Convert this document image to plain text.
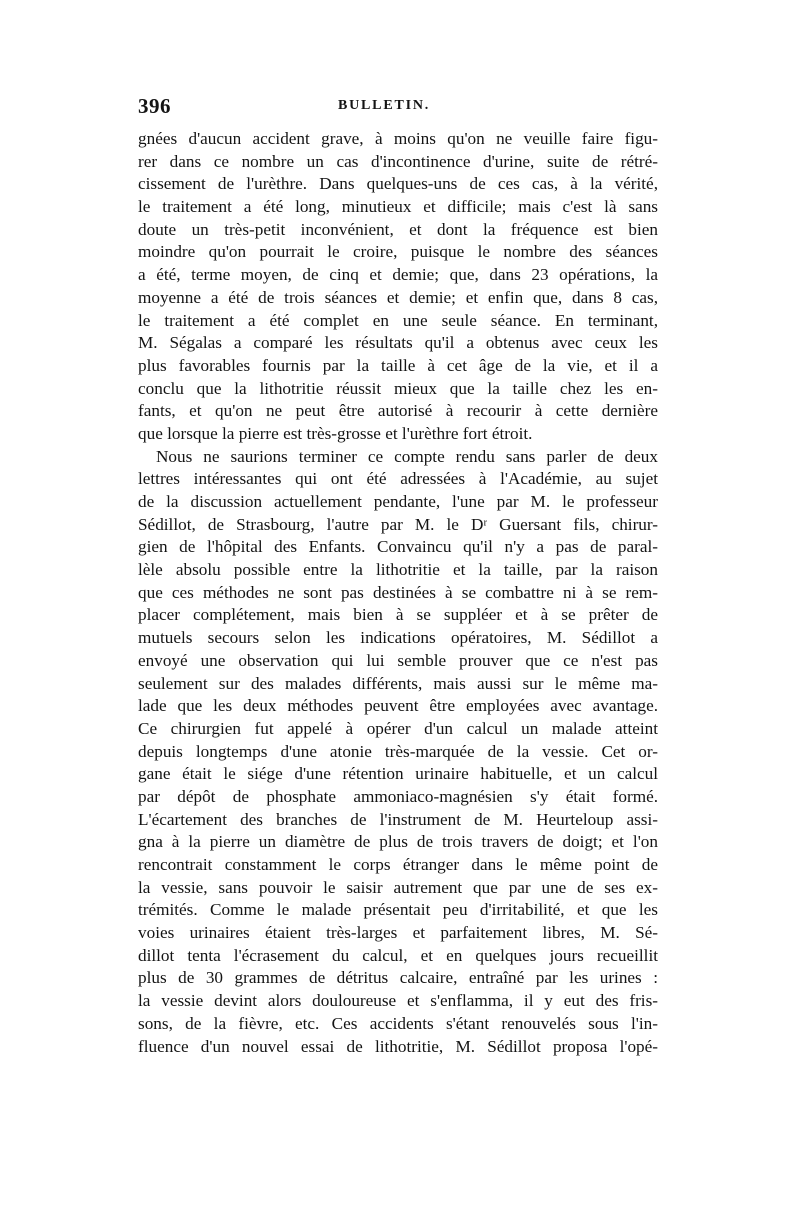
396	BULLETIN.
gnées d'aucun accident grave, à moins qu'on ne veuille faire figu-
rer dans ce nombre un cas d'incontinence d'urine, suite de rétré-
cissement de l'urèthre. Dans quelques-uns de ces cas, à la vérité,
le traitement a été long, minutieux et difficile; mais c'est là sans
doute un très-petit inconvénient, et dont la fréquence est bien
moindre qu'on pourrait le croire, puisque le nombre des séances
a été, terme moyen, de cinq et demie; que, dans 23 opérations, la
moyenne a été de trois séances et demie; et enfin que, dans 8 cas,
le traitement a été complet en une seule séance. En terminant,
M. Ségalas a comparé les résultats qu'il a obtenus avec ceux les
plus favorables fournis par la taille à cet âge de la vie, et il a
conclu que la lithotritie réussit mieux que la taille chez les en-
fants, et qu'on ne peut être autorisé à recourir à cette dernière
que lorsque la pierre est très-grosse et l'urèthre fort étroit.
Nous ne saurions terminer ce compte rendu sans parler de deux
lettres intéressantes qui ont été adressées à l'Académie, au sujet
de la discussion actuellement pendante, l'une par M. le professeur
Sédillot, de Strasbourg, l'autre par M. le Dʳ Guersant fils, chirur-
gien de l'hôpital des Enfants. Convaincu qu'il n'y a pas de paral-
lèle absolu possible entre la lithotritie et la taille, par la raison
que ces méthodes ne sont pas destinées à se combattre ni à se rem-
placer complétement, mais bien à se suppléer et à se prêter de
mutuels secours selon les indications opératoires, M. Sédillot a
envoyé une observation qui lui semble prouver que ce n'est pas
seulement sur des malades différents, mais aussi sur le même ma-
lade que les deux méthodes peuvent être employées avec avantage.
Ce chirurgien fut appelé à opérer d'un calcul un malade atteint
depuis longtemps d'une atonie très-marquée de la vessie. Cet or-
gane était le siége d'une rétention urinaire habituelle, et un calcul
par dépôt de phosphate ammoniaco-magnésien s'y était formé.
L'écartement des branches de l'instrument de M. Heurteloup assi-
gna à la pierre un diamètre de plus de trois travers de doigt; et l'on
rencontrait constamment le corps étranger dans le même point de
la vessie, sans pouvoir le saisir autrement que par une de ses ex-
trémités. Comme le malade présentait peu d'irritabilité, et que les
voies urinaires étaient très-larges et parfaitement libres, M. Sé-
dillot tenta l'écrasement du calcul, et en quelques jours recueillit
plus de 30 grammes de détritus calcaire, entraîné par les urines :
la vessie devint alors douloureuse et s'enflamma, il y eut des fris-
sons, de la fièvre, etc. Ces accidents s'étant renouvelés sous l'in-
fluence d'un nouvel essai de lithotritie, M. Sédillot proposa l'opé-
